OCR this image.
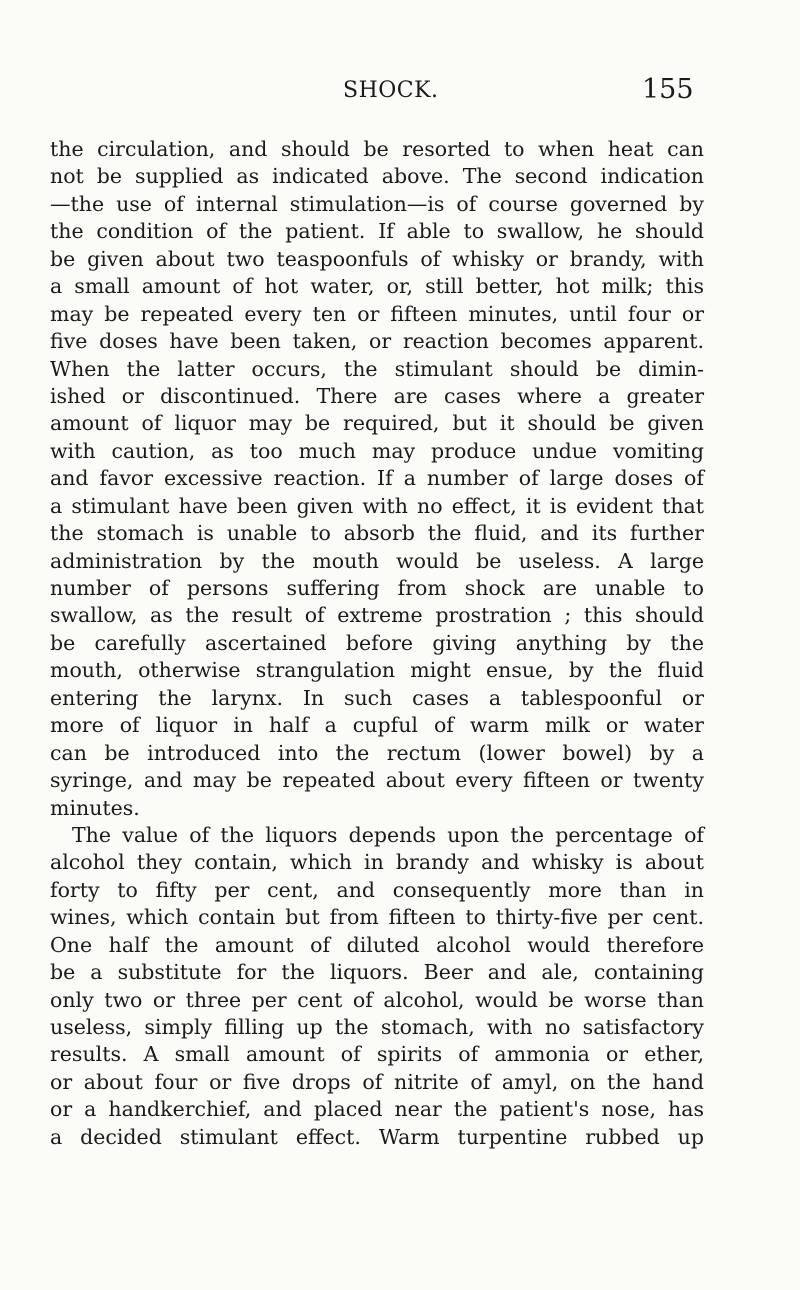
SHOCK.	155
the circulation, and should be resorted to when heat can
not be supplied as indicated above. The second indication
—the use of internal stimulation—is of course governed by
the condition of the patient. If able to swallow, he should
be given about two teaspoonfuls of whisky or brandy, with
a small amount of hot water, or, still better, hot milk; this
may be repeated every ten or fifteen minutes, until four or
five doses have been taken, or reaction becomes apparent.
When the latter occurs, the stimulant should be dimin-
ished or discontinued. There are cases where a greater
amount of liquor may be required, but it should be given
with caution, as too much may produce undue vomiting
and favor excessive reaction. If a number of large doses of
a stimulant have been given with no effect, it is evident that
the stomach is unable to absorb the fluid, and its further
administration by the mouth would be useless. A large
number of persons suffering from shock are unable to
swallow, as the result of extreme prostration ; this should
be carefully ascertained before giving anything by the
mouth, otherwise strangulation might ensue, by the fluid
entering the larynx. In such cases a tablespoonful or
more of liquor in half a cupful of warm milk or water
can be introduced into the rectum (lower bowel) by a
syringe, and may be repeated about every fifteen or twenty
minutes.
The value of the liquors depends upon the percentage of
alcohol they contain, which in brandy and whisky is about
forty to fifty per cent, and consequently more than in
wines, which contain but from fifteen to thirty-five per cent.
One half the amount of diluted alcohol would therefore
be a substitute for the liquors. Beer and ale, containing
only two or three per cent of alcohol, would be worse than
useless, simply filling up the stomach, with no satisfactory
results. A small amount of spirits of ammonia or ether,
or about four or five drops of nitrite of amyl, on the hand
or a handkerchief, and placed near the patient's nose, has
a decided stimulant effect. Warm turpentine rubbed up
